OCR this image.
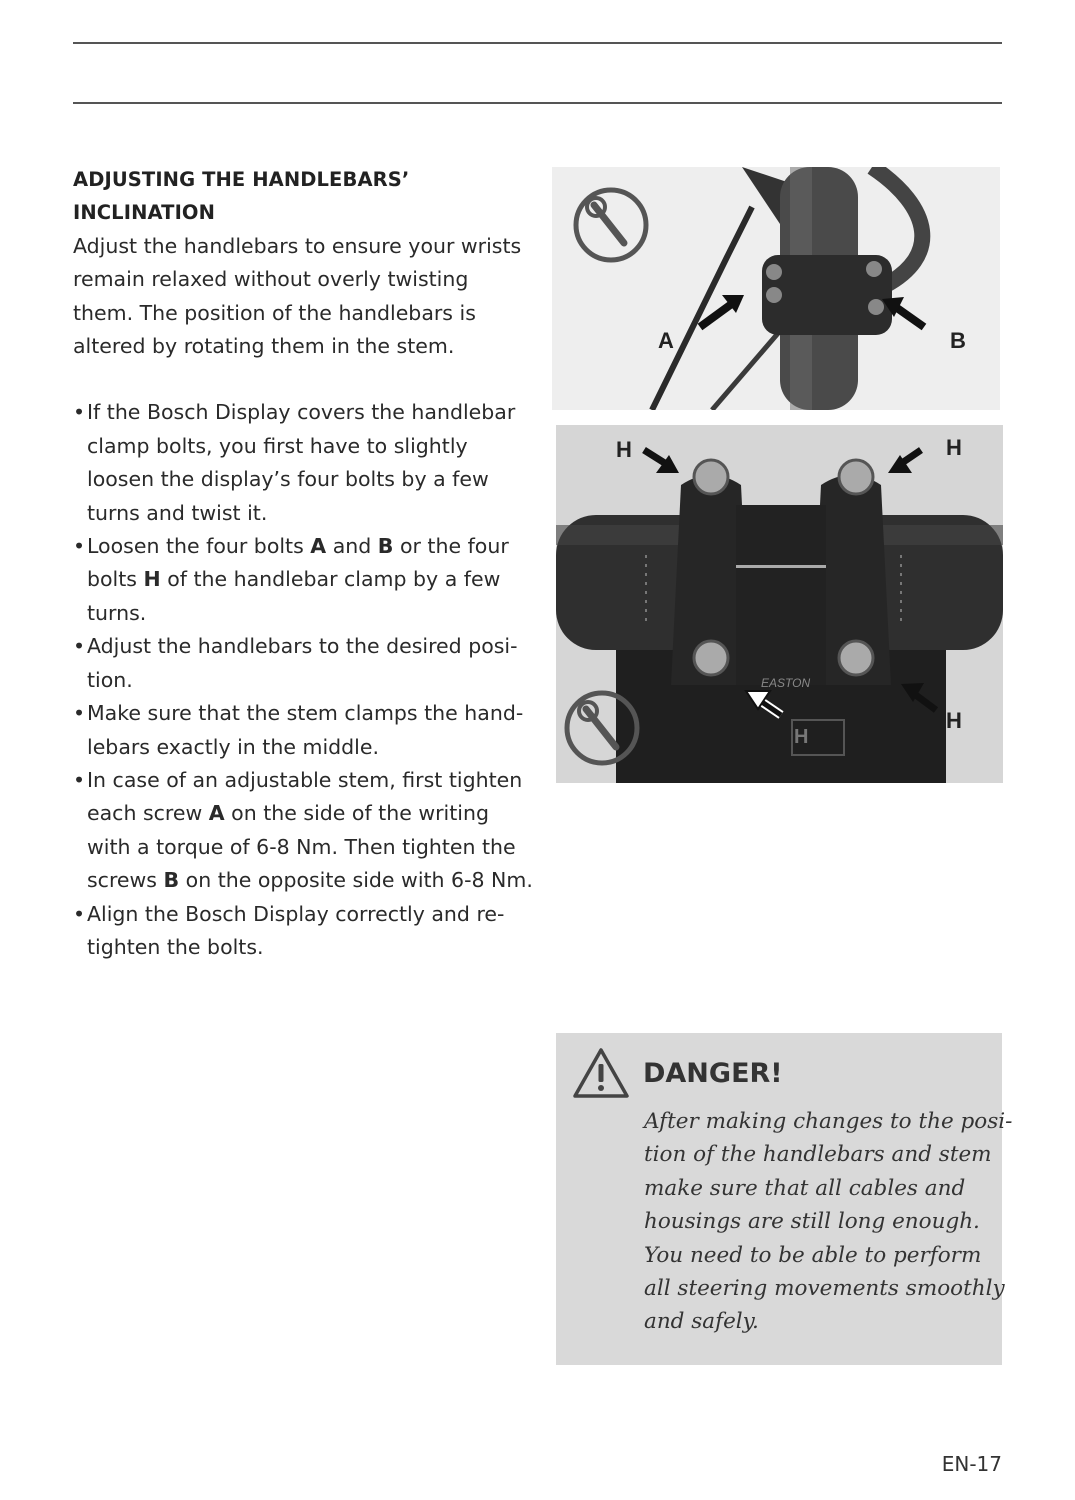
ADJUSTING THE HANDLEBARS’ INCLINATION

Adjust the handlebars to ensure your wrists remain relaxed without overly twisting them. The position of the handlebars is altered by rotating them in the stem.

• If the Bosch Display covers the handlebar clamp bolts, you first have to slightly loosen the display’s four bolts by a few turns and twist it.
• Loosen the four bolts A and B or the four bolts H of the handlebar clamp by a few turns.
• Adjust the handlebars to the desired posi-
tion.
• Make sure that the stem clamps the hand-
lebars exactly in the middle.
• In case of an adjustable stem, first tighten each screw A on the side of the writing with a torque of 6-8 Nm. Then tighten the screws B on the opposite side with 6-8 Nm.
• Align the Bosch Display correctly and re-
tighten the bolts.
A	B
EASTON
H	H
H
H
DANGER!
After making changes to the posi-
tion of the handlebars and stem
make sure that all cables and
housings are still long enough.
You need to be able to perform
all steering movements smoothly
and safely.
EN-17
